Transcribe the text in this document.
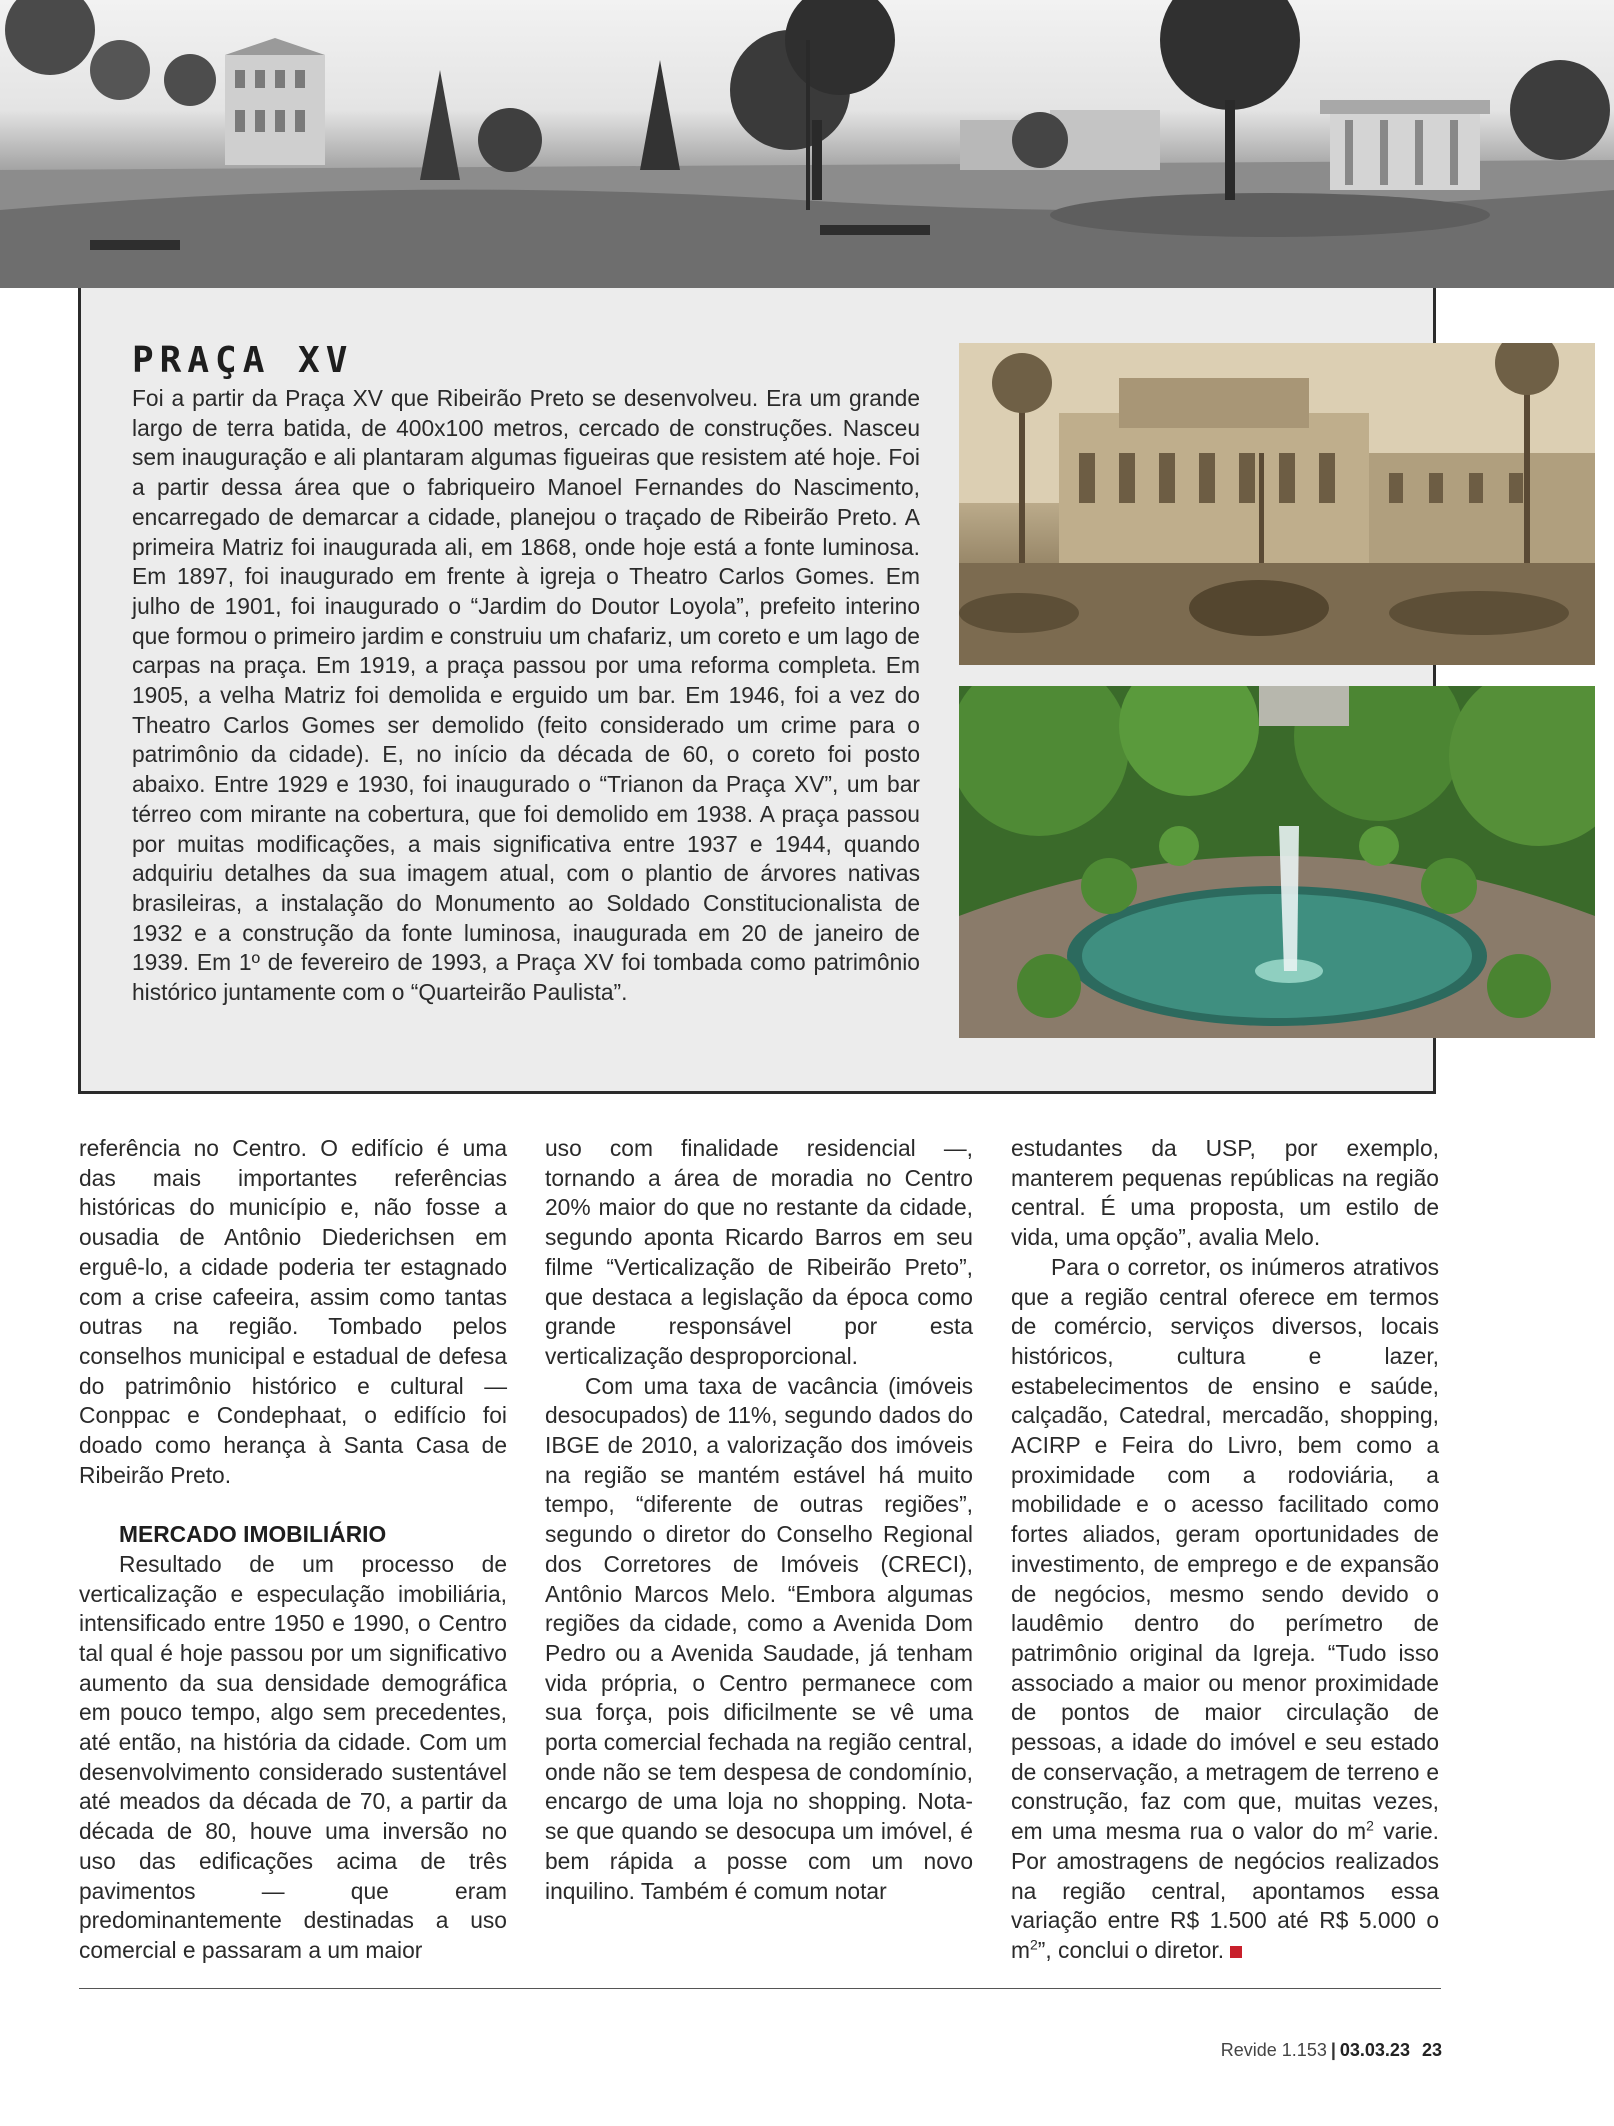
PRAÇA XV

Foi a partir da Praça XV que Ribeirão Preto se desenvolveu. Era um grande largo de terra batida, de 400x100 metros, cercado de construções. Nasceu sem inauguração e ali plantaram algumas figueiras que resistem até hoje. Foi a partir dessa área que o fabriqueiro Manoel Fernandes do Nascimento, encarregado de demarcar a cidade, planejou o traçado de Ribeirão Preto. A primeira Matriz foi inaugurada ali, em 1868, onde hoje está a fonte luminosa. Em 1897, foi inaugurado em frente à igreja o Theatro Carlos Gomes. Em julho de 1901, foi inaugurado o “Jardim do Doutor Loyola”, prefeito interino que formou o primeiro jardim e construiu um chafariz, um coreto e um lago de carpas na praça. Em 1919, a praça passou por uma reforma completa. Em 1905, a velha Matriz foi demolida e erguido um bar. Em 1946, foi a vez do Theatro Carlos Gomes ser demolido (feito considerado um crime para o patrimônio da cidade). E, no início da década de 60, o coreto foi posto abaixo. Entre 1929 e 1930, foi inaugurado o “Trianon da Praça XV”, um bar térreo com mirante na cobertura, que foi demolido em 1938. A praça passou por muitas modificações, a mais significativa entre 1937 e 1944, quando adquiriu detalhes da sua imagem atual, com o plantio de árvores nativas brasileiras, a instalação do Monumento ao Soldado Constitucionalista de 1932 e a construção da fonte luminosa, inaugurada em 20 de janeiro de 1939. Em 1º de fevereiro de 1993, a Praça XV foi tombada como patrimônio histórico juntamente com o “Quarteirão Paulista”.

referência no Centro. O edifício é uma das mais importantes referências históricas do município e, não fosse a ousadia de Antônio Diederichsen em erguê-lo, a cidade poderia ter estagnado com a crise cafeeira, assim como tantas outras na região. Tombado pelos conselhos municipal e estadual de defesa do patrimônio histórico e cultural — Conppac e Condephaat, o edifício foi doado como herança à Santa Casa de Ribeirão Preto.

MERCADO IMOBILIÁRIO

Resultado de um processo de verticalização e especulação imobiliária, intensificado entre 1950 e 1990, o Centro tal qual é hoje passou por um significativo aumento da sua densidade demográfica em pouco tempo, algo sem precedentes, até então, na história da cidade. Com um desenvolvimento considerado sustentável até meados da década de 70, a partir da década de 80, houve uma inversão no uso das edificações acima de três pavimentos — que eram predominantemente destinadas a uso comercial e passaram a um maior

uso com finalidade residencial —, tornando a área de moradia no Centro 20% maior do que no restante da cidade, segundo aponta Ricardo Barros em seu filme “Verticalização de Ribeirão Preto”, que destaca a legislação da época como grande responsável por esta verticalização desproporcional.

Com uma taxa de vacância (imóveis desocupados) de 11%, segundo dados do IBGE de 2010, a valorização dos imóveis na região se mantém estável há muito tempo, “diferente de outras regiões”, segundo o diretor do Conselho Regional dos Corretores de Imóveis (CRECI), Antônio Marcos Melo. “Embora algumas regiões da cidade, como a Avenida Dom Pedro ou a Avenida Saudade, já tenham vida própria, o Centro permanece com sua força, pois dificilmente se vê uma porta comercial fechada na região central, onde não se tem despesa de condomínio, encargo de uma loja no shopping. Nota-se que quando se desocupa um imóvel, é bem rápida a posse com um novo inquilino. Também é comum notar

estudantes da USP, por exemplo, manterem pequenas repúblicas na região central. É uma proposta, um estilo de vida, uma opção”, avalia Melo.

Para o corretor, os inúmeros atrativos que a região central oferece em termos de comércio, serviços diversos, locais históricos, cultura e lazer, estabelecimentos de ensino e saúde, calçadão, Catedral, mercadão, shopping, ACIRP e Feira do Livro, bem como a proximidade com a rodoviária, a mobilidade e o acesso facilitado como fortes aliados, geram oportunidades de investimento, de emprego e de expansão de negócios, mesmo sendo devido o laudêmio dentro do perímetro de patrimônio original da Igreja. “Tudo isso associado a maior ou menor proximidade de pontos de maior circulação de pessoas, a idade do imóvel e seu estado de conservação, a metragem de terreno e construção, faz com que, muitas vezes, em uma mesma rua o valor do $m^2$ varie. Por amostragens de negócios realizados na região central, apontamos essa variação entre R$ 1.500 até R$ 5.000 o $m^2$”, conclui o diretor.

Revide 1.153 | 03.03.23 23
